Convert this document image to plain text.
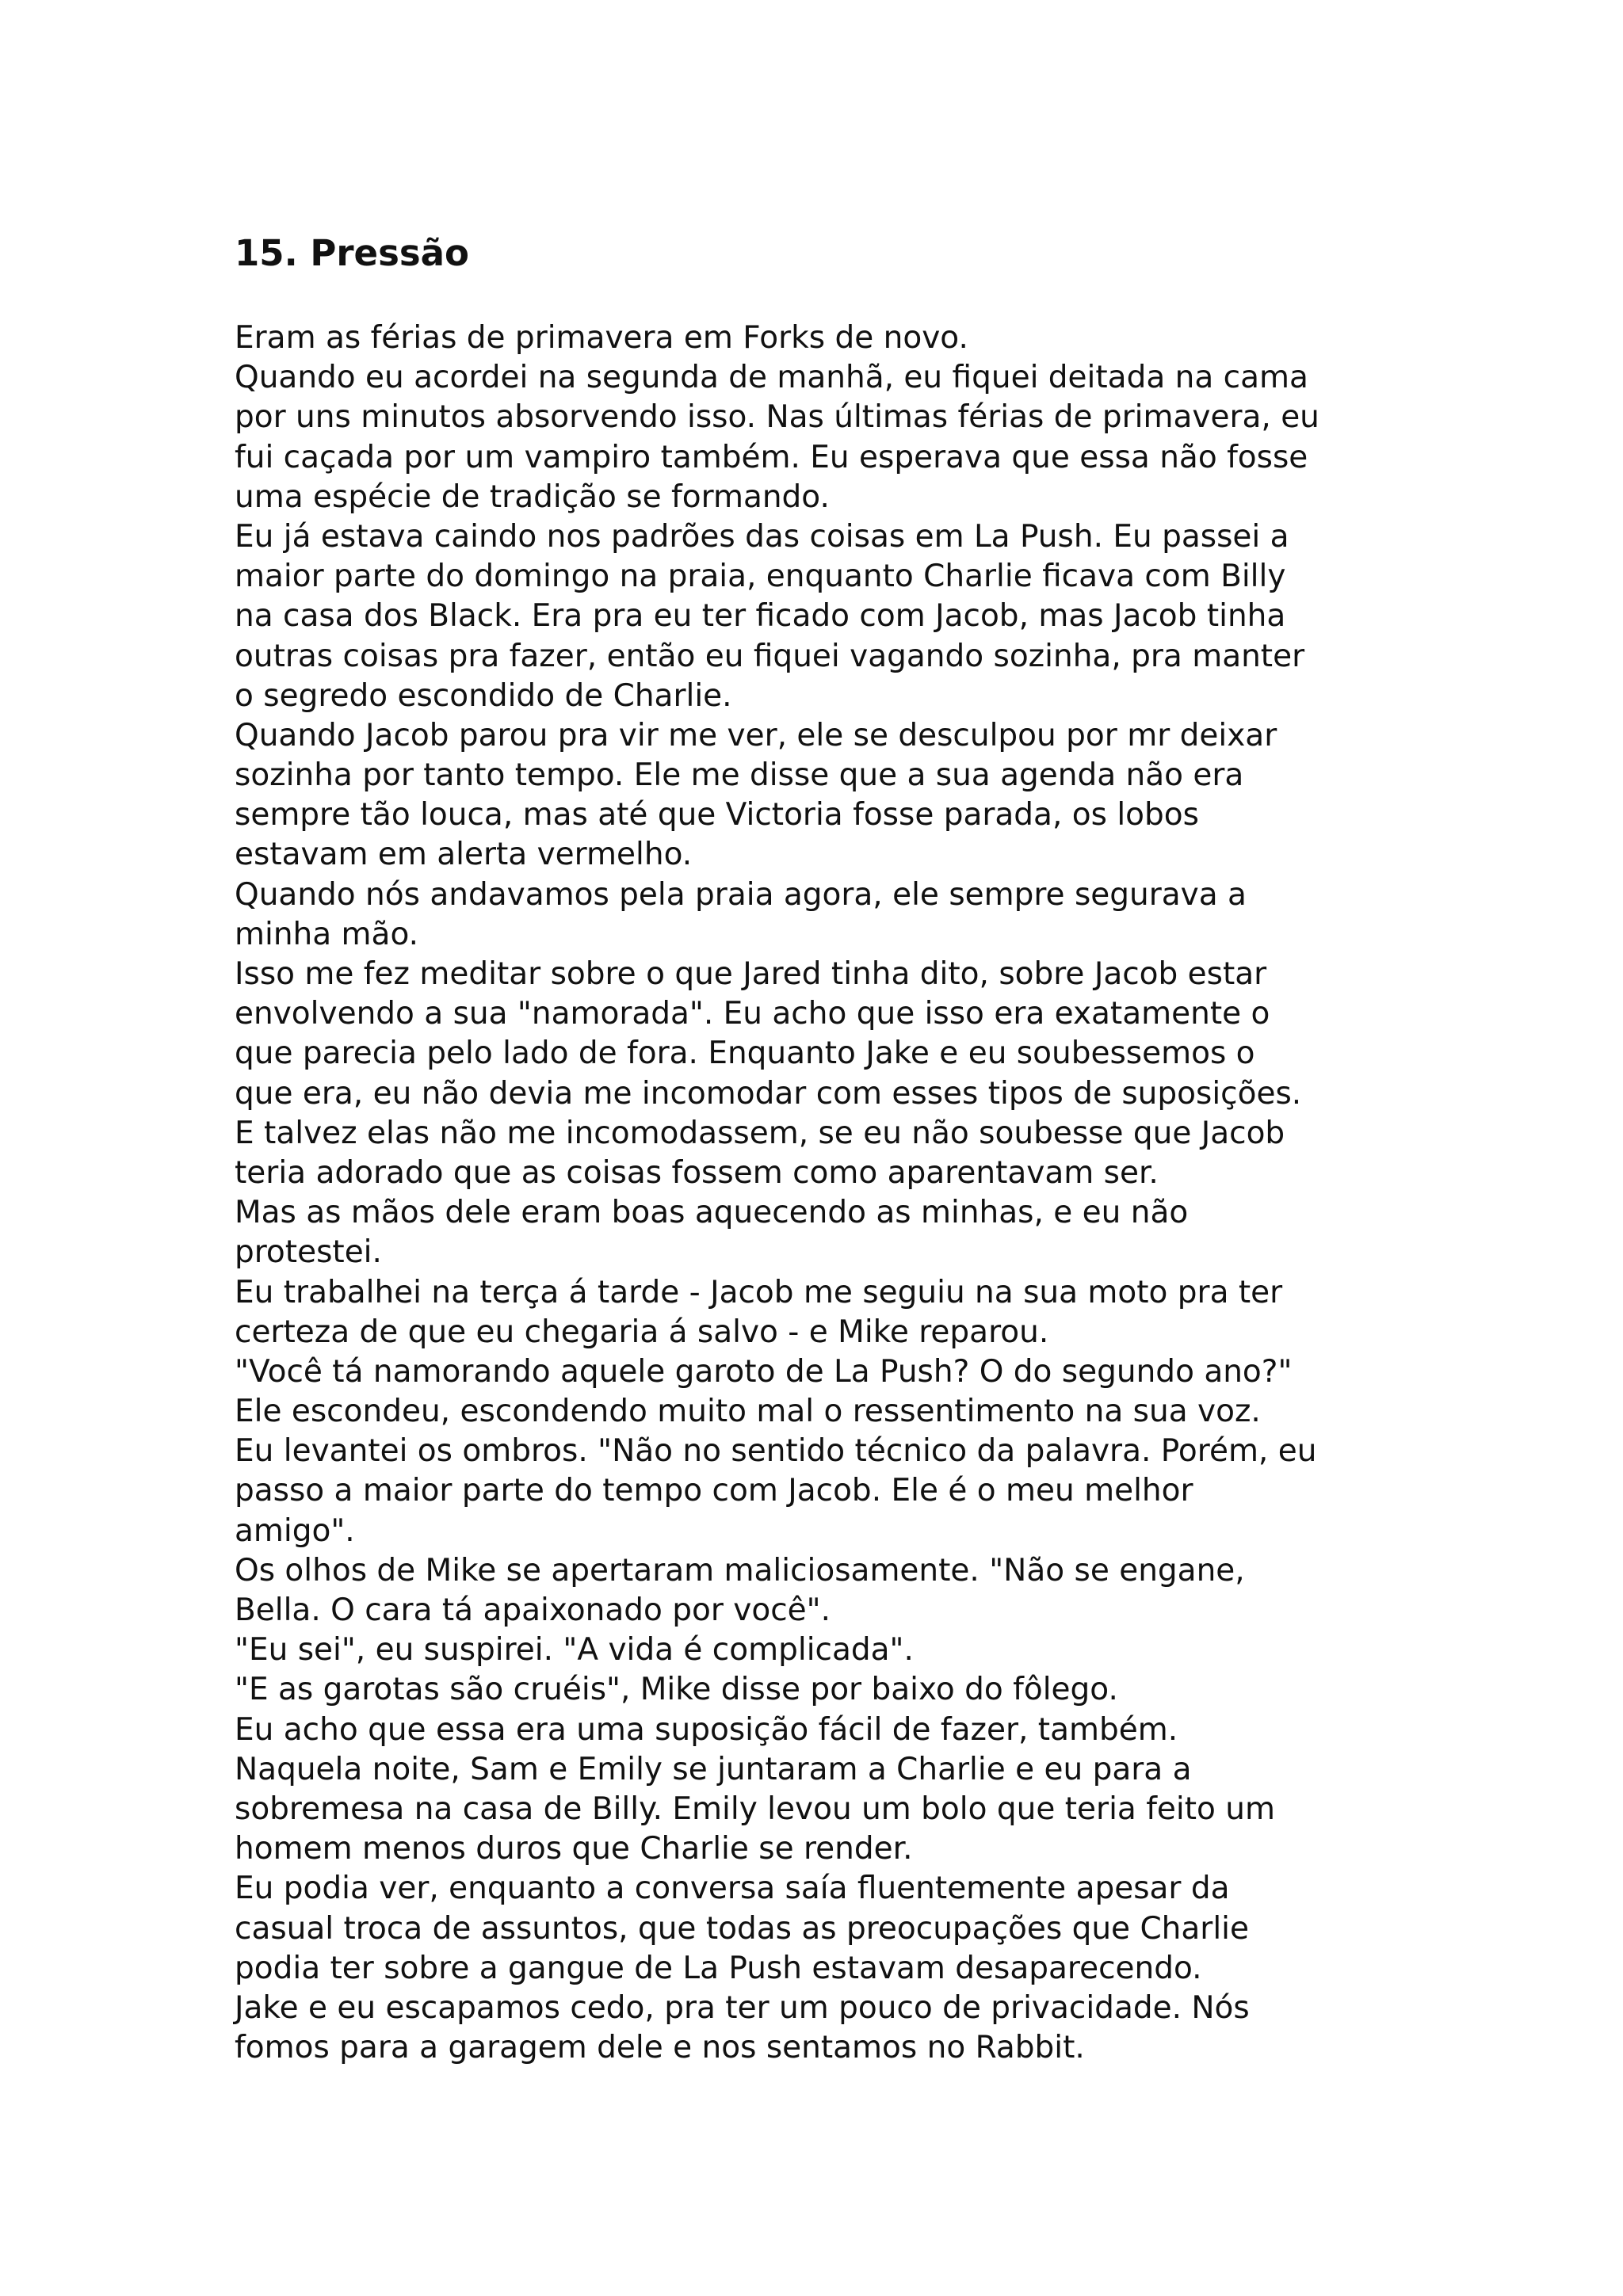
15. Pressão
Eram as férias de primavera em Forks de novo.
Quando eu acordei na segunda de manhã, eu fiquei deitada na cama
por uns minutos absorvendo isso. Nas últimas férias de primavera, eu
fui caçada por um vampiro também. Eu esperava que essa não fosse
uma espécie de tradição se formando.
Eu já estava caindo nos padrões das coisas em La Push. Eu passei a
maior parte do domingo na praia, enquanto Charlie ficava com Billy
na casa dos Black. Era pra eu ter ficado com Jacob, mas Jacob tinha
outras coisas pra fazer, então eu fiquei vagando sozinha, pra manter
o segredo escondido de Charlie.
Quando Jacob parou pra vir me ver, ele se desculpou por mr deixar
sozinha por tanto tempo. Ele me disse que a sua agenda não era
sempre tão louca, mas até que Victoria fosse parada, os lobos
estavam em alerta vermelho.
Quando nós andavamos pela praia agora, ele sempre segurava a
minha mão.
Isso me fez meditar sobre o que Jared tinha dito, sobre Jacob estar
envolvendo a sua "namorada". Eu acho que isso era exatamente o
que parecia pelo lado de fora. Enquanto Jake e eu soubessemos o
que era, eu não devia me incomodar com esses tipos de suposições.
E talvez elas não me incomodassem, se eu não soubesse que Jacob
teria adorado que as coisas fossem como aparentavam ser.
Mas as mãos dele eram boas aquecendo as minhas, e eu não
protestei.
Eu trabalhei na terça á tarde - Jacob me seguiu na sua moto pra ter
certeza de que eu chegaria á salvo - e Mike reparou.
"Você tá namorando aquele garoto de La Push? O do segundo ano?"
Ele escondeu, escondendo muito mal o ressentimento na sua voz.
Eu levantei os ombros. "Não no sentido técnico da palavra. Porém, eu
passo a maior parte do tempo com Jacob. Ele é o meu melhor
amigo".
Os olhos de Mike se apertaram maliciosamente. "Não se engane,
Bella. O cara tá apaixonado por você".
"Eu sei", eu suspirei. "A vida é complicada".
"E as garotas são cruéis", Mike disse por baixo do fôlego.
Eu acho que essa era uma suposição fácil de fazer, também.
Naquela noite, Sam e Emily se juntaram a Charlie e eu para a
sobremesa na casa de Billy. Emily levou um bolo que teria feito um
homem menos duros que Charlie se render.
Eu podia ver, enquanto a conversa saía fluentemente apesar da
casual troca de assuntos, que todas as preocupações que Charlie
podia ter sobre a gangue de La Push estavam desaparecendo.
Jake e eu escapamos cedo, pra ter um pouco de privacidade. Nós
fomos para a garagem dele e nos sentamos no Rabbit.
